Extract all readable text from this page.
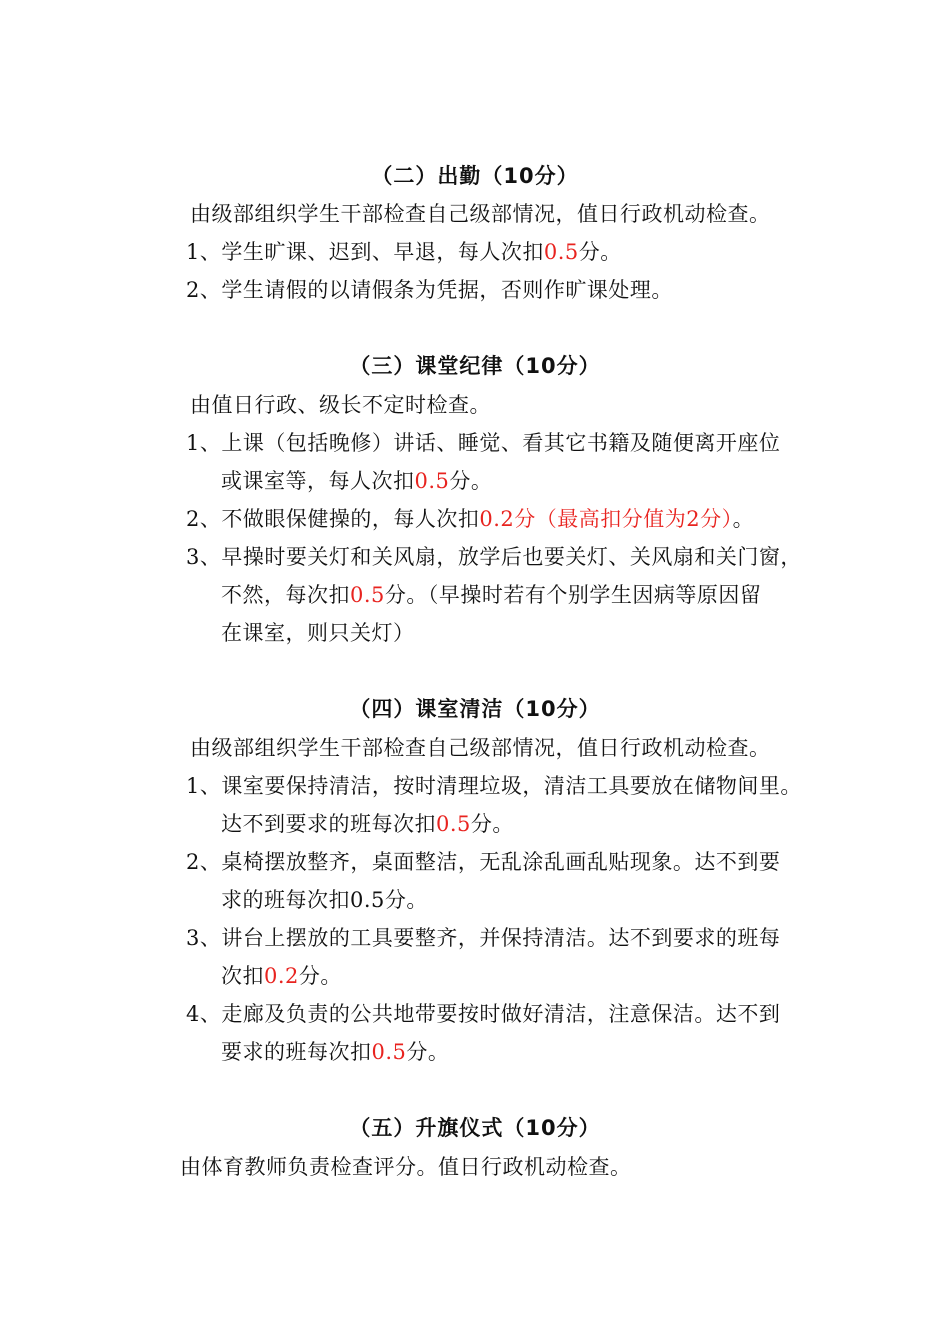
（二）出勤（10分）
由级部组织学生干部检查自己级部情况，值日行政机动检查。
1、学生旷课、迟到、早退，每人次扣0.5分。
2、学生请假的以请假条为凭据，否则作旷课处理。
（三）课堂纪律（10分）
由值日行政、级长不定时检查。
1、上课（包括晚修）讲话、睡觉、看其它书籍及随便离开座位
或课室等，每人次扣0.5分。
2、不做眼保健操的，每人次扣0.2分（最高扣分值为2分）。
3、早操时要关灯和关风扇，放学后也要关灯、关风扇和关门窗，
不然，每次扣0.5分。（早操时若有个别学生因病等原因留
在课室，则只关灯）
（四）课室清洁（10分）
由级部组织学生干部检查自己级部情况，值日行政机动检查。
1、课室要保持清洁，按时清理垃圾，清洁工具要放在储物间里。
达不到要求的班每次扣0.5分。
2、桌椅摆放整齐，桌面整洁，无乱涂乱画乱贴现象。达不到要
求的班每次扣0.5分。
3、讲台上摆放的工具要整齐，并保持清洁。达不到要求的班每
次扣0.2分。
4、走廊及负责的公共地带要按时做好清洁，注意保洁。达不到
要求的班每次扣0.5分。
（五）升旗仪式（10分）
由体育教师负责检查评分。值日行政机动检查。
